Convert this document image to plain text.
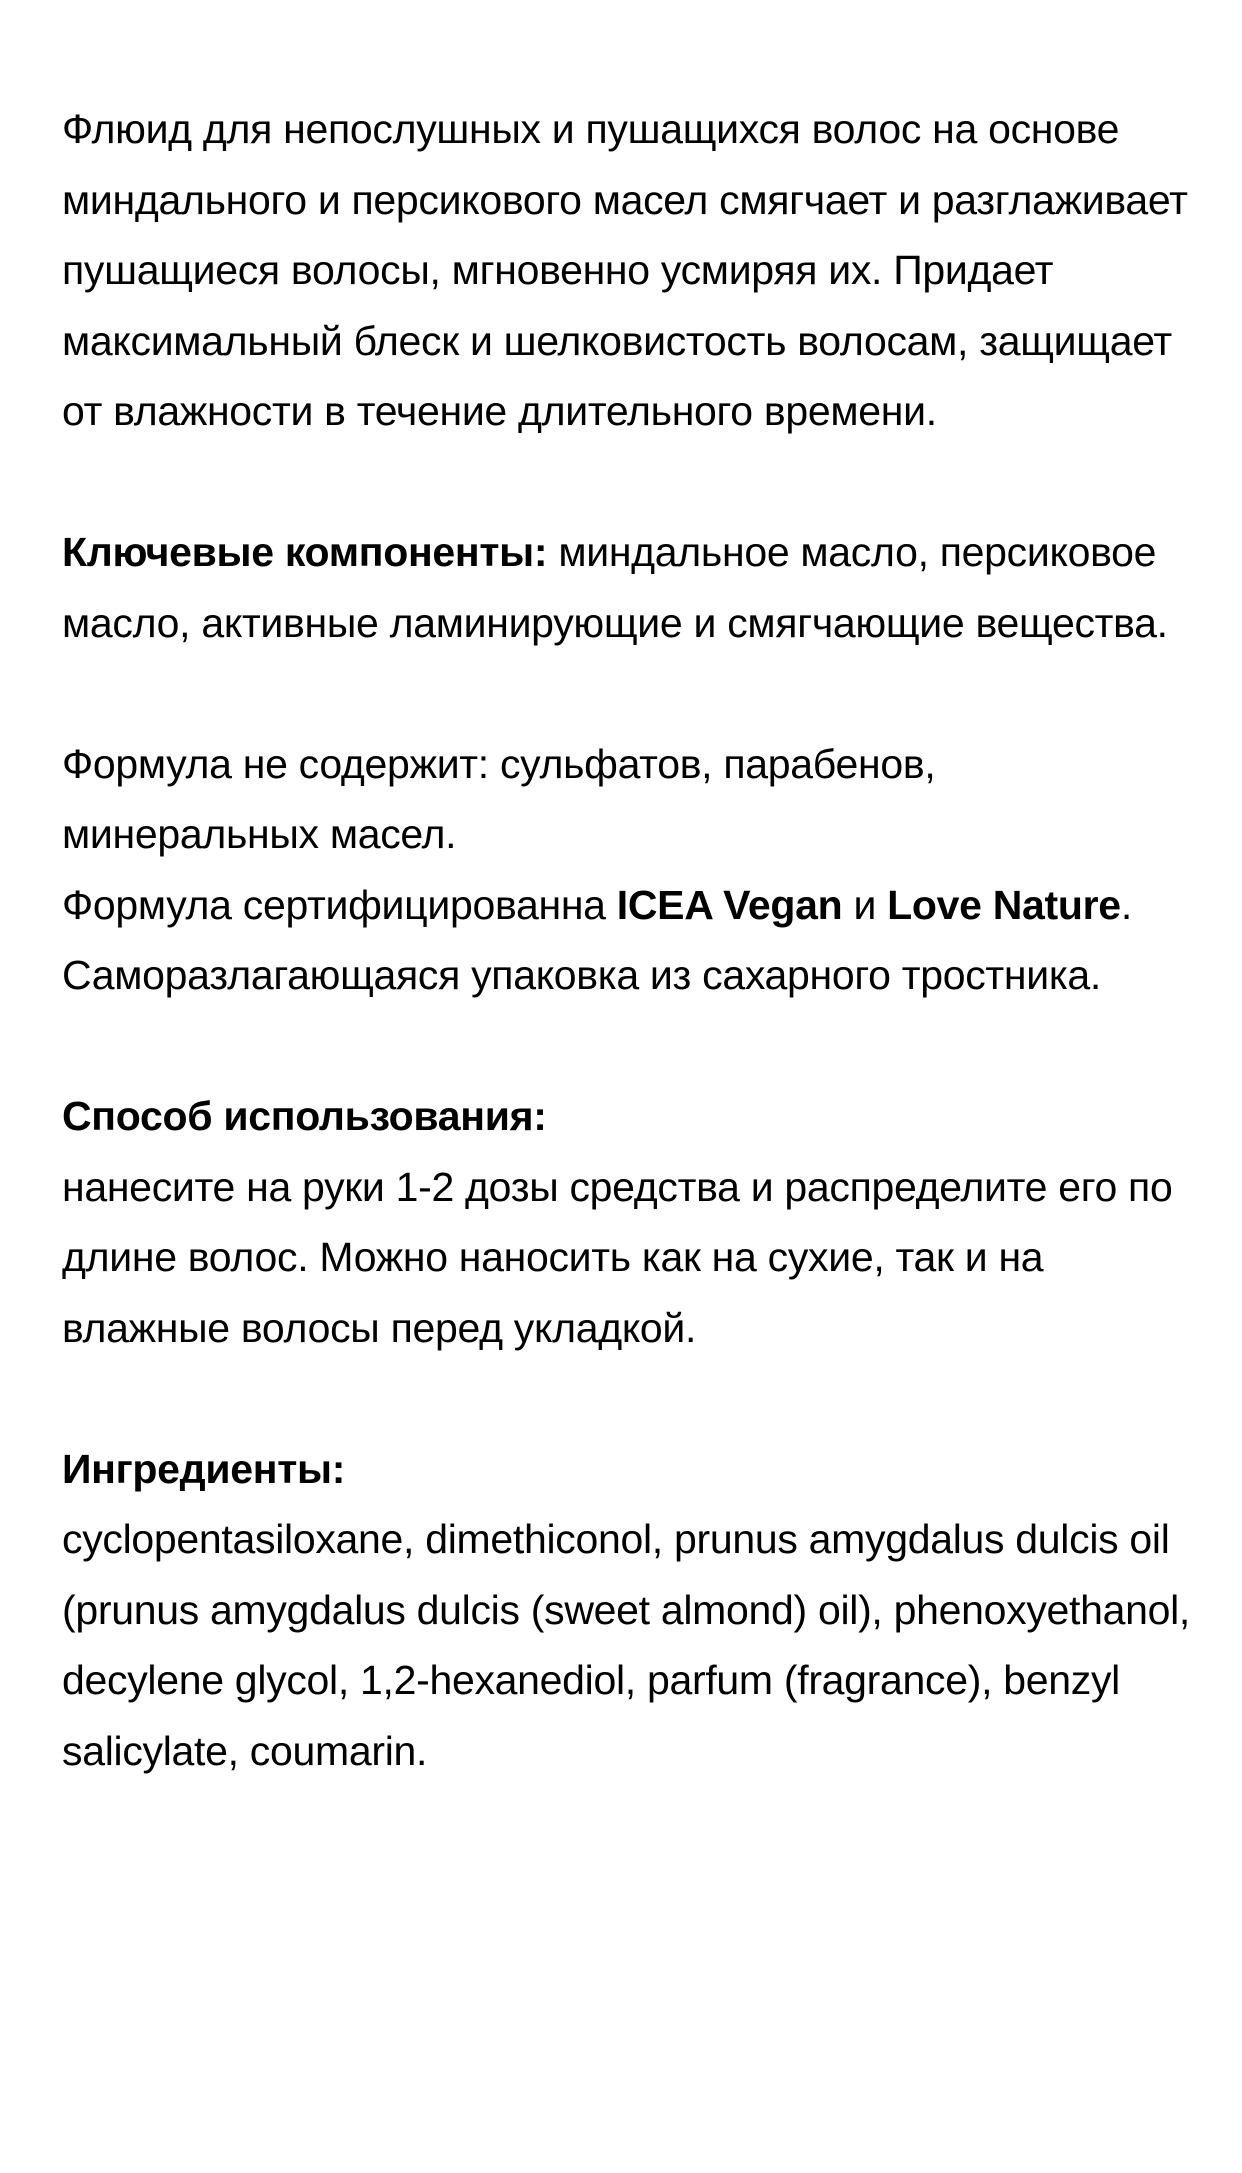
Флюид для непослушных и пушащихся волос на основе миндального и персикового масел смягчает и разглаживает пушащиеся волосы, мгновенно усмиряя их. Придает максимальный блеск и шелковистость волосам, защищает от влажности в течение длительного времени.

Ключевые компоненты: миндальное масло, персиковое масло, активные ламинирующие и смягчающие вещества.

Формула не содержит: сульфатов, парабенов, минеральных масел.

Формула сертифицированна ICEA Vegan и Love Nature.

Саморазлагающаяся упаковка из сахарного тростника.

Способ использования:

нанесите на руки 1-2 дозы средства и распределите его по длине волос. Можно наносить как на сухие, так и на влажные волосы перед укладкой.

Ингредиенты:

cyclopentasiloxane, dimethiconol, prunus amygdalus dulcis oil (prunus amygdalus dulcis (sweet almond) oil), phenoxyethanol, decylene glycol, 1,2-hexanediol, parfum (fragrance), benzyl salicylate, coumarin.
